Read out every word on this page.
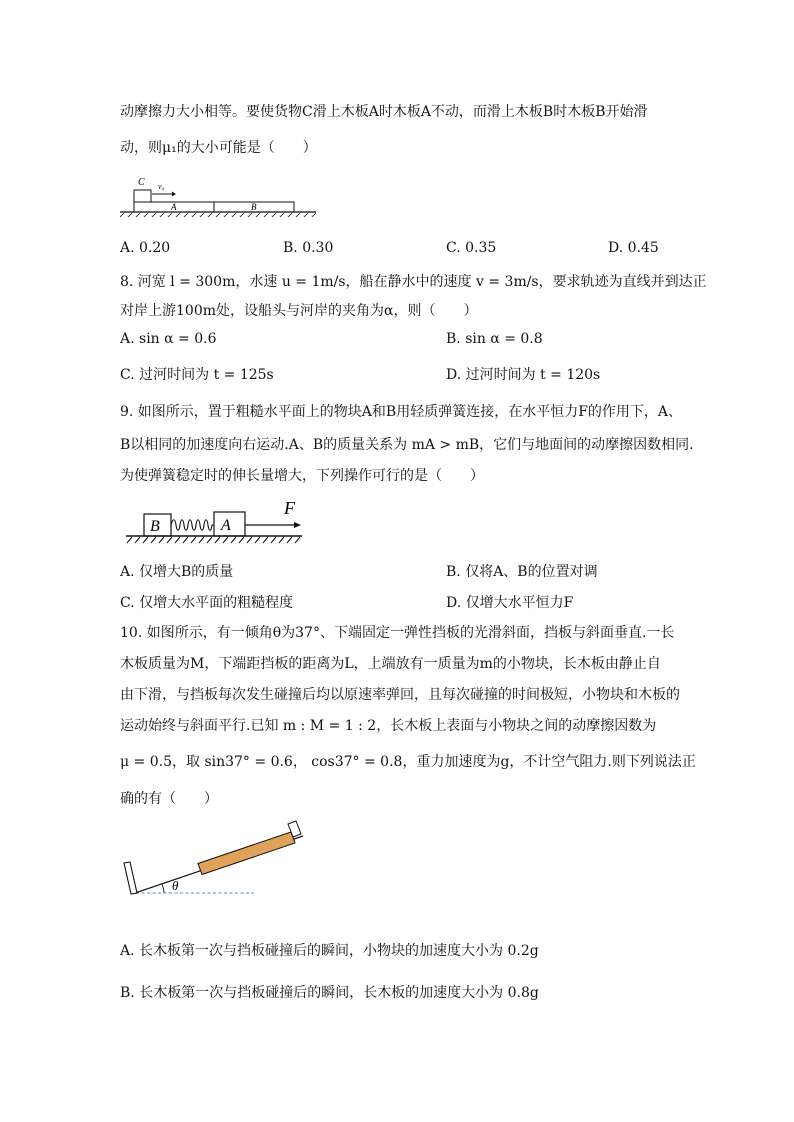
动摩擦力大小相等。要使货物C滑上木板A时木板A不动，而滑上木板B时木板B开始滑
动，则μ₁的大小可能是（　　）
C v₀
A	B
A. 0.20	B. 0.30	C. 0.35	D. 0.45
8. 河宽 l = 300m，水速 u = 1m/s，船在静水中的速度 v = 3m/s，要求轨迹为直线并到达正
对岸上游100m处，设船头与河岸的夹角为α，则（　　）
A. sin α = 0.6	B. sin α = 0.8
C. 过河时间为 t = 125s	D. 过河时间为 t = 120s
9. 如图所示，置于粗糙水平面上的物块A和B用轻质弹簧连接，在水平恒力F的作用下，A、
B以相同的加速度向右运动.A、B的质量关系为 mA > mB，它们与地面间的动摩擦因数相同.
为使弹簧稳定时的伸长量增大，下列操作可行的是（　　）
B	A
F
A. 仅增大B的质量	B. 仅将A、B的位置对调
C. 仅增大水平面的粗糙程度	D. 仅增大水平恒力F
10. 如图所示，有一倾角θ为37°、下端固定一弹性挡板的光滑斜面，挡板与斜面垂直.一长
木板质量为M，下端距挡板的距离为L，上端放有一质量为m的小物块，长木板由静止自
由下滑，与挡板每次发生碰撞后均以原速率弹回，且每次碰撞的时间极短，小物块和木板的
运动始终与斜面平行.已知 m : M = 1 : 2，长木板上表面与小物块之间的动摩擦因数为
μ = 0.5，取 sin37° = 0.6， cos37° = 0.8，重力加速度为g，不计空气阻力.则下列说法正
确的有（　　）
θ
A. 长木板第一次与挡板碰撞后的瞬间，小物块的加速度大小为 0.2g
B. 长木板第一次与挡板碰撞后的瞬间，长木板的加速度大小为 0.8g
